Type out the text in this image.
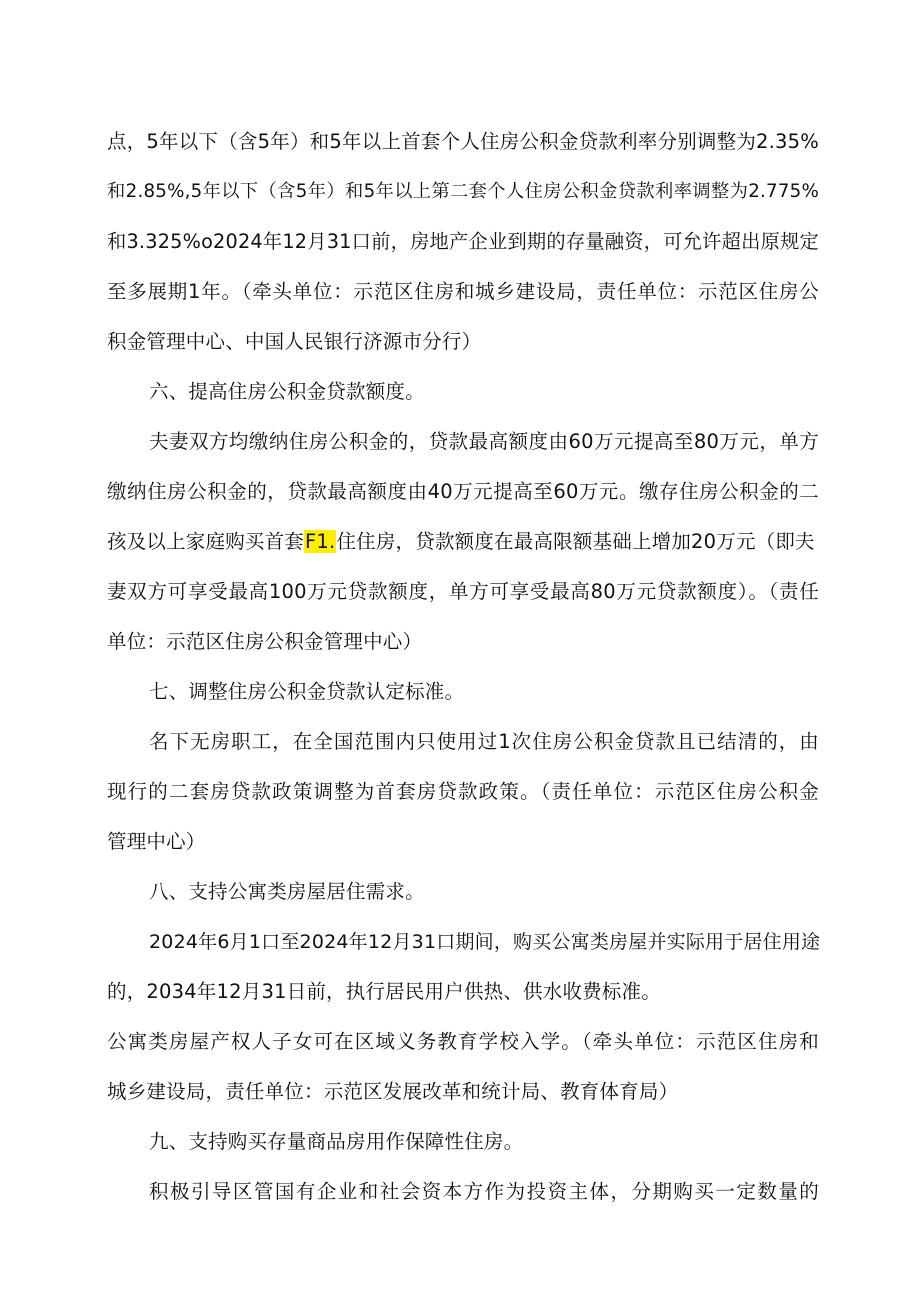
点，5年以下（含5年）和5年以上首套个人住房公积金贷款利率分别调整为2.35%
和2.85%,5年以下（含5年）和5年以上第二套个人住房公积金贷款利率调整为2.775%
和3.325%o2024年12月31口前，房地产企业到期的存量融资，可允许超出原规定
至多展期1年。（牵头单位：示范区住房和城乡建设局，责任单位：示范区住房公
积金管理中心、中国人民银行济源市分行）
六、提高住房公积金贷款额度。
夫妻双方均缴纳住房公积金的，贷款最高额度由60万元提高至80万元，单方
缴纳住房公积金的，贷款最高额度由40万元提高至60万元。缴存住房公积金的二
孩及以上家庭购买首套F1.住住房，贷款额度在最高限额基础上增加20万元（即夫
妻双方可享受最高100万元贷款额度，单方可享受最高80万元贷款额度）。（责任
单位：示范区住房公积金管理中心）
七、调整住房公积金贷款认定标准。
名下无房职工，在全国范围内只使用过1次住房公积金贷款且已结清的，由
现行的二套房贷款政策调整为首套房贷款政策。（责任单位：示范区住房公积金
管理中心）
八、支持公寓类房屋居住需求。
2024年6月1口至2024年12月31口期间，购买公寓类房屋并实际用于居住用途
的，2034年12月31日前，执行居民用户供热、供水收费标准。
公寓类房屋产权人子女可在区域义务教育学校入学。（牵头单位：示范区住房和
城乡建设局，责任单位：示范区发展改革和统计局、教育体育局）
九、支持购买存量商品房用作保障性住房。
积极引导区管国有企业和社会资本方作为投资主体，分期购买一定数量的
